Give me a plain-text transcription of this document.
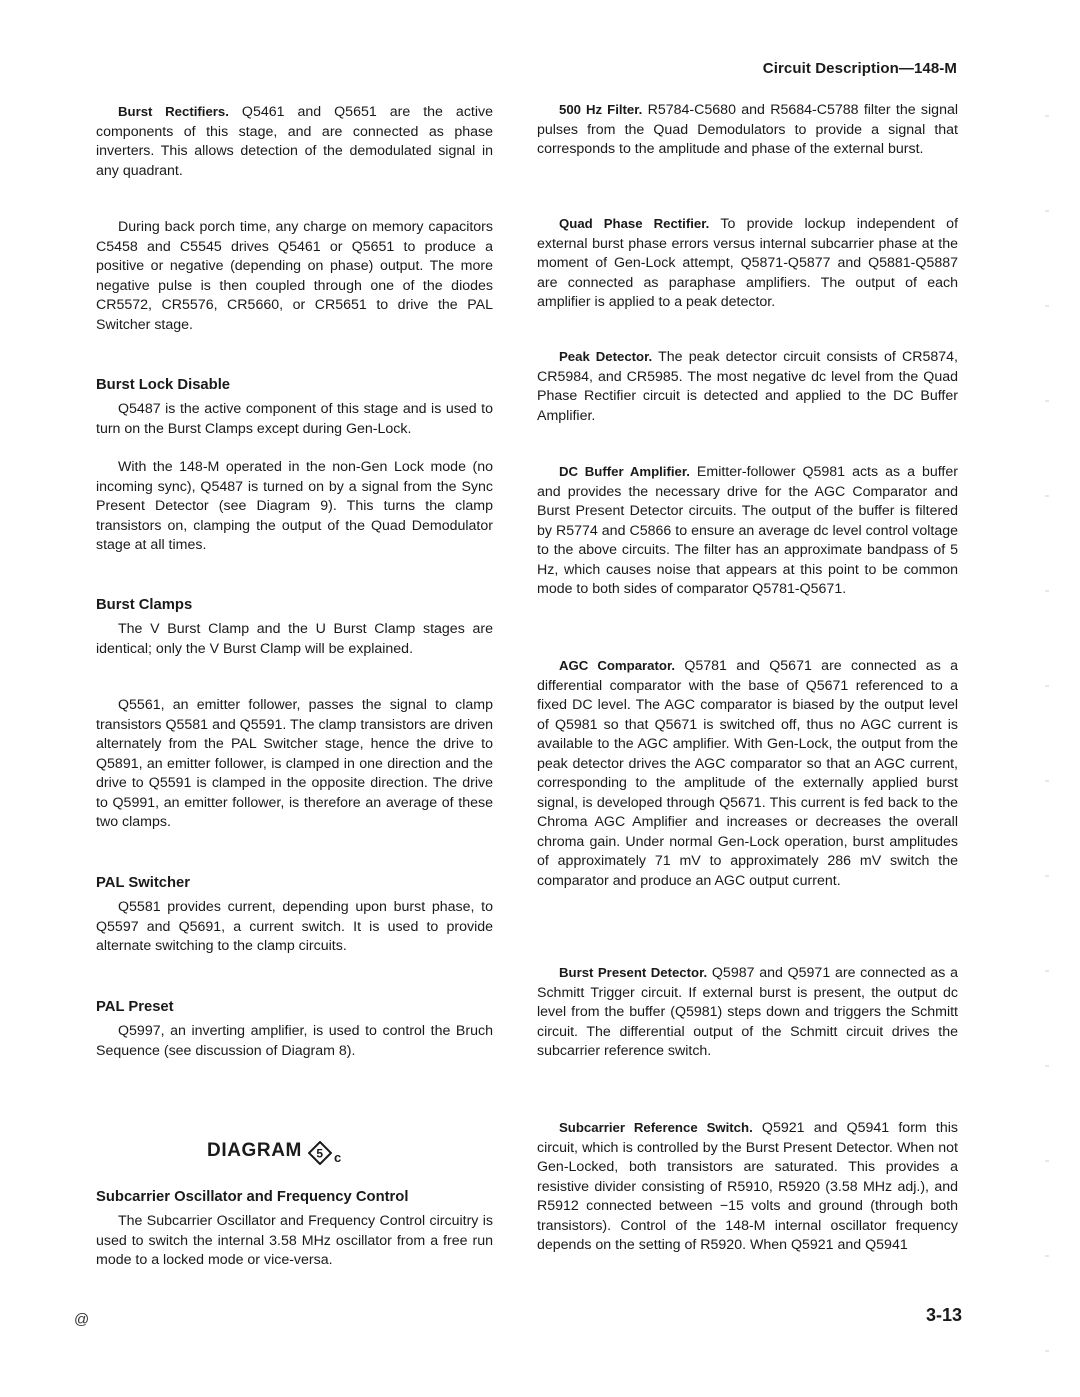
Circuit Description—148-M

Burst Rectifiers. Q5461 and Q5651 are the active components of this stage, and are connected as phase inverters. This allows detection of the demodulated signal in any quadrant.

During back porch time, any charge on memory capacitors C5458 and C5545 drives Q5461 or Q5651 to produce a positive or negative (depending on phase) output. The more negative pulse is then coupled through one of the diodes CR5572, CR5576, CR5660, or CR5651 to drive the PAL Switcher stage.

Burst Lock Disable

Q5487 is the active component of this stage and is used to turn on the Burst Clamps except during Gen-Lock.

With the 148-M operated in the non-Gen Lock mode (no incoming sync), Q5487 is turned on by a signal from the Sync Present Detector (see Diagram 9). This turns the clamp transistors on, clamping the output of the Quad Demodulator stage at all times.

Burst Clamps

The V Burst Clamp and the U Burst Clamp stages are identical; only the V Burst Clamp will be explained.

Q5561, an emitter follower, passes the signal to clamp transistors Q5581 and Q5591. The clamp transistors are driven alternately from the PAL Switcher stage, hence the drive to Q5891, an emitter follower, is clamped in one direction and the drive to Q5591 is clamped in the opposite direction. The drive to Q5991, an emitter follower, is therefore an average of these two clamps.

PAL Switcher

Q5581 provides current, depending upon burst phase, to Q5597 and Q5691, a current switch. It is used to provide alternate switching to the clamp circuits.

PAL Preset

Q5997, an inverting amplifier, is used to control the Bruch Sequence (see discussion of Diagram 8).

Subcarrier Oscillator and Frequency Control

The Subcarrier Oscillator and Frequency Control circuitry is used to switch the internal 3.58 MHz oscillator from a free run mode to a locked mode or vice-versa.

DIAGRAM 5 c

500 Hz Filter. R5784-C5680 and R5684-C5788 filter the signal pulses from the Quad Demodulators to provide a signal that corresponds to the amplitude and phase of the external burst.

Quad Phase Rectifier. To provide lockup independent of external burst phase errors versus internal subcarrier phase at the moment of Gen-Lock attempt, Q5871-Q5877 and Q5881-Q5887 are connected as paraphase amplifiers. The output of each amplifier is applied to a peak detector.

Peak Detector. The peak detector circuit consists of CR5874, CR5984, and CR5985. The most negative dc level from the Quad Phase Rectifier circuit is detected and applied to the DC Buffer Amplifier.

DC Buffer Amplifier. Emitter-follower Q5981 acts as a buffer and provides the necessary drive for the AGC Comparator and Burst Present Detector circuits. The output of the buffer is filtered by R5774 and C5866 to ensure an average dc level control voltage to the above circuits. The filter has an approximate bandpass of 5 Hz, which causes noise that appears at this point to be common mode to both sides of comparator Q5781-Q5671.

AGC Comparator. Q5781 and Q5671 are connected as a differential comparator with the base of Q5671 referenced to a fixed DC level. The AGC comparator is biased by the output level of Q5981 so that Q5671 is switched off, thus no AGC current is available to the AGC amplifier. With Gen-Lock, the output from the peak detector drives the AGC comparator so that an AGC current, corresponding to the amplitude of the externally applied burst signal, is developed through Q5671. This current is fed back to the Chroma AGC Amplifier and increases or decreases the overall chroma gain. Under normal Gen-Lock operation, burst amplitudes of approximately 71 mV to approximately 286 mV switch the comparator and produce an AGC output current.

Burst Present Detector. Q5987 and Q5971 are connected as a Schmitt Trigger circuit. If external burst is present, the output dc level from the buffer (Q5981) steps down and triggers the Schmitt circuit. The differential output of the Schmitt circuit drives the subcarrier reference switch.

Subcarrier Reference Switch. Q5921 and Q5941 form this circuit, which is controlled by the Burst Present Detector. When not Gen-Locked, both transistors are saturated. This provides a resistive divider consisting of R5910, R5920 (3.58 MHz adj.), and R5912 connected between −15 volts and ground (through both transistors). Control of the 148-M internal oscillator frequency depends on the setting of R5920. When Q5921 and Q5941

@	3-13
